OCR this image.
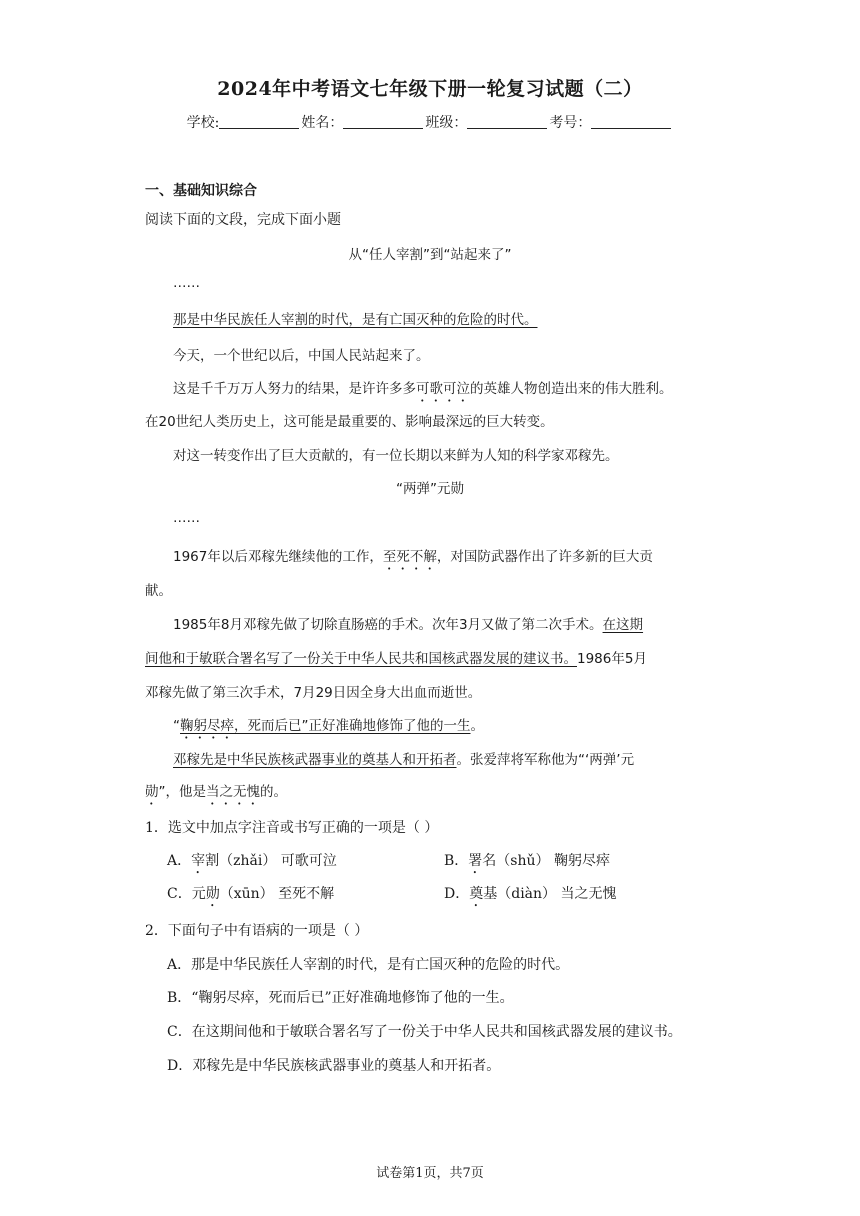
2024年中考语文七年级下册一轮复习试题（二）
学校:	姓名：	班级：	考号：
一、基础知识综合
阅读下面的文段，完成下面小题
从“任人宰割”到“站起来了”
……
那是中华民族任人宰割的时代，是有亡国灭种的危险的时代。
今天，一个世纪以后，中国人民站起来了。
这是千千万万人努力的结果，是许许多多可歌可泣的英雄人物创造出来的伟大胜利。
在20世纪人类历史上，这可能是最重要的、影响最深远的巨大转变。
对这一转变作出了巨大贡献的，有一位长期以来鲜为人知的科学家邓稼先。
“两弹”元勋
……
1967年以后邓稼先继续他的工作，至死不解，对国防武器作出了许多新的巨大贡
献。
1985年8月邓稼先做了切除直肠癌的手术。次年3月又做了第二次手术。在这期
间他和于敏联合署名写了一份关于中华人民共和国核武器发展的建议书。1986年5月
邓稼先做了第三次手术，7月29日因全身大出血而逝世。
“鞠躬尽瘁，死而后已”正好准确地修饰了他的一生。
邓稼先是中华民族核武器事业的奠基人和开拓者。张爱萍将军称他为“‘两弹’元
勋”，他是当之无愧的。
1．选文中加点字注音或书写正确的一项是（ ）
A．宰割（zhǎi） 可歌可泣	B．署名（shǔ） 鞠躬尽瘁
C．元勋（xūn） 至死不解	D．奠基（diàn） 当之无愧
2．下面句子中有语病的一项是（ ）
A．那是中华民族任人宰割的时代，是有亡国灭种的危险的时代。
B．“鞠躬尽瘁，死而后已”正好准确地修饰了他的一生。
C．在这期间他和于敏联合署名写了一份关于中华人民共和国核武器发展的建议书。
D．邓稼先是中华民族核武器事业的奠基人和开拓者。
试卷第1页，共7页
